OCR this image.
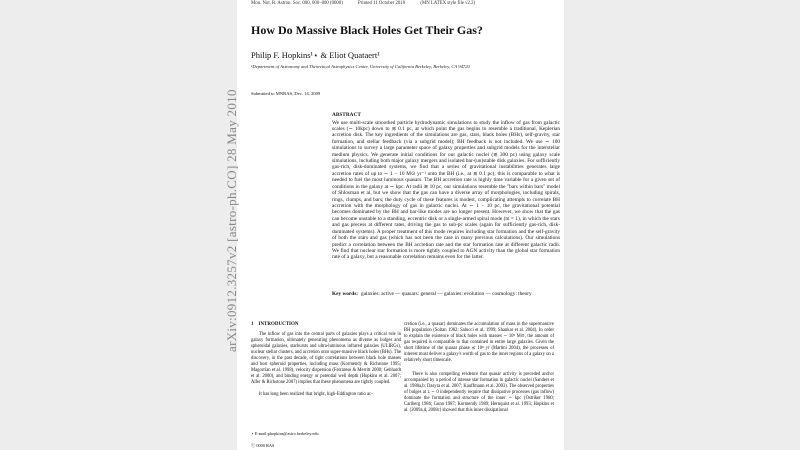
Mon. Not. R. Astron. Soc. 000, 000–000 (0000)	Printed 11 October 2018	(MN LATEX style file v2.2)
How Do Massive Black Holes Get Their Gas?
Philip F. Hopkins¹⋆ & Eliot Quataert¹
¹Department of Astronomy and Theoretical Astrophysics Center, University of California Berkeley, Berkeley, CA 94720
Submitted to MNRAS, Dec. 14, 2009
ABSTRACT
We use multi-scale smoothed particle hydrodynamic simulations to study the inflow of gas from galactic scales (∼ 10kpc) down to ≲ 0.1 pc, at which point the gas begins to resemble a traditional, Keplerian accretion disk. The key ingredients of the simulations are gas, stars, black holes (BHs), self-gravity, star formation, and stellar feedback (via a subgrid model); BH feedback is not included. We use ∼ 100 simulations to survey a large parameter space of galaxy properties and subgrid models for the interstellar medium physics. We generate initial conditions for our galactic nuclei (≲ 300 pc) using galaxy scale simulations, including both major galaxy mergers and isolated bar-(un)stable disk galaxies. For sufficiently gas-rich, disk-dominated systems, we find that a series of gravitational instabilities generates large accretion rates of up to ∼ 1 − 10 M⊙ yr⁻¹ onto the BH (i.e., at ≲ 0.1 pc); this is comparable to what is needed to fuel the most luminous quasars. The BH accretion rate is highly time variable for a given set of conditions in the galaxy at ∼ kpc. At radii ≳ 10 pc, our simulations resemble the "bars within bars" model of Shlosman et al, but we show that the gas can have a diverse array of morphologies, including spirals, rings, clumps, and bars; the duty cycle of these features is modest, complicating attempts to correlate BH accretion with the morphology of gas in galactic nuclei. At ∼ 1 − 10 pc, the gravitational potential becomes dominated by the BH and bar-like modes are no longer present. However, we show that the gas can become unstable to a standing, eccentric disk or a single-armed spiral mode (m = 1), in which the stars and gas precess at different rates, driving the gas to sub-pc scales (again for sufficiently gas-rich, disk-dominated systems). A proper treatment of this mode requires including star formation and the self-gravity of both the stars and gas (which has not been the case in many previous calculations). Our simulations predict a correlation between the BH accretion rate and the star formation rate at different galactic radii. We find that nuclear star formation is more tightly coupled to AGN activity than the global star formation rate of a galaxy, but a reasonable correlation remains even for the latter.
Key words: galaxies: active — quasars: general — galaxies: evolution — cosmology: theory
1 INTRODUCTION

The inflow of gas into the central parts of galaxies plays a critical role in galaxy formation, ultimately generating phenomena as diverse as bulges and spheroidal galaxies, starbursts and ultra-luminous infrared galaxies (ULIRGs), nuclear stellar clusters, and accretion onto super-massive black holes (BHs). The discovery, in the past decade, of tight correlations between black hole masses and host spheroid properties, including mass (Kormendy & Richstone 1995; Magorrian et al. 1998), velocity dispersion (Ferrarese & Merritt 2000; Gebhardt et al. 2000), and binding energy or potential well depth (Hopkins et al. 2007; Aller & Richstone 2007) implies that these phenomena are tightly coupled.

It has long been realized that bright, high-Eddington ratio ac-

cretion (i.e., a quasar) dominates the accumulation of mass in the supermassive BH population (Soltan 1982; Salucci et al. 1999; Shankar et al. 2004). In order to explain the existence of black holes with masses ∼ 10⁹ M⊙, the amount of gas required is comparable to that contained in entire large galaxies. Given the short lifetime of the quasar phase ≲ 10⁸ yr (Martini 2004), the processes of interest must deliver a galaxy's worth of gas to the inner regions of a galaxy on a relatively short timescale.

There is also compelling evidence that quasar activity is preceded and/or accompanied by a period of intense star formation in galactic nuclei (Sanders et al. 1988a,b; Dasyra et al. 2007; Kauffmann et al. 2003). The observed properties of bulges at z ∼ 0 independently require that dissipative processes (gas inflow) dominate the formation and structure of the inner ∼ kpc (Ostriker 1980; Carlberg 1986; Gunn 1987; Kormendy 1989; Hernquist et al. 1993; Hopkins et al. (2009a,d, 2008c) showed that this inner dissipational

⋆ E-mail:phopkins@astro.berkeley.edu
ⓒ 0000 RAS
arXiv:0912.3257v2 [astro-ph.CO] 28 May 2010
